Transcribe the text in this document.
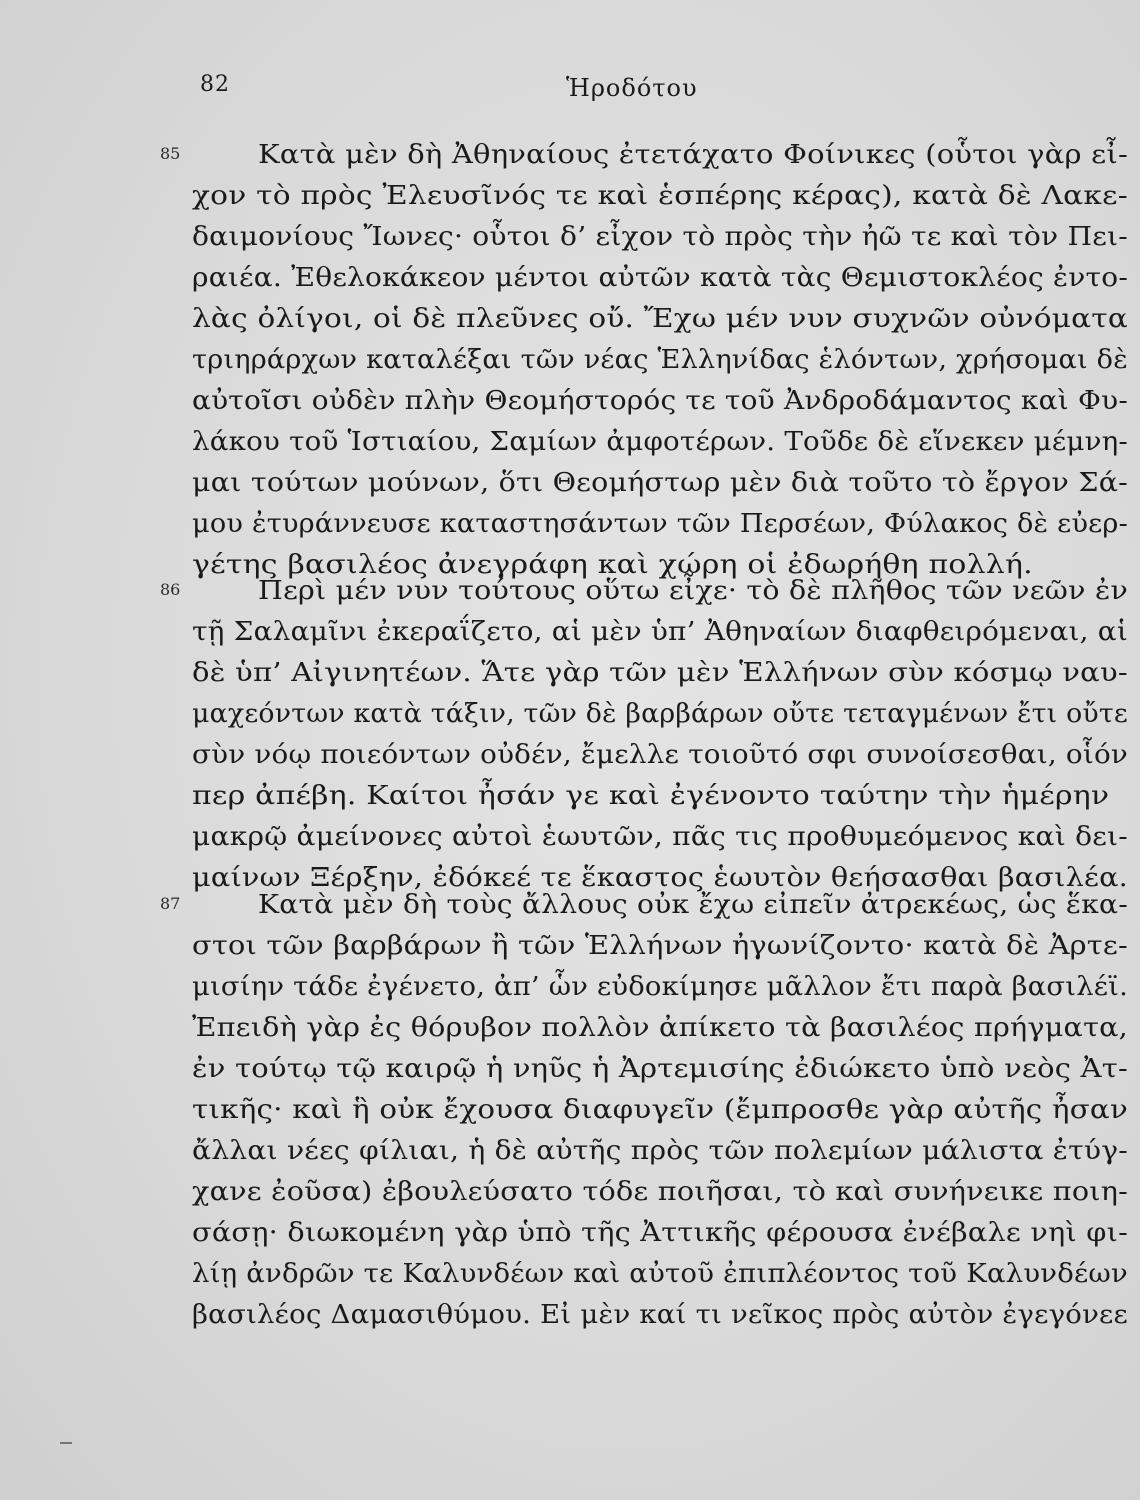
82	Ἡροδότου
85	Κατὰ μὲν δὴ Ἀθηναίους ἐτετάχατο Φοίνικες (οὗτοι γὰρ εἶ-
χον τὸ πρὸς Ἐλευσῖνός τε καὶ ἑσπέρης κέρας), κατὰ δὲ Λακε-
δαιμονίους Ἴωνες· οὗτοι δ’ εἶχον τὸ πρὸς τὴν ἠῶ τε καὶ τὸν Πει-
ραιέα. Ἐθελοκάκεον μέντοι αὐτῶν κατὰ τὰς Θεμιστοκλέος ἐντο-
λὰς ὀλίγοι, οἱ δὲ πλεῦνες οὔ. Ἔχω μέν νυν συχνῶν οὐνόματα
τριηράρχων καταλέξαι τῶν νέας Ἑλληνίδας ἑλόντων, χρήσομαι δὲ
αὐτοῖσι οὐδὲν πλὴν Θεομήστορός τε τοῦ Ἀνδροδάμαντος καὶ Φυ-
λάκου τοῦ Ἱστιαίου, Σαμίων ἀμφοτέρων. Τοῦδε δὲ εἵνεκεν μέμνη-
μαι τούτων μούνων, ὅτι Θεομήστωρ μὲν διὰ τοῦτο τὸ ἔργον Σά-
μου ἐτυράννευσε καταστησάντων τῶν Περσέων, Φύλακος δὲ εὐερ-
γέτης βασιλέος ἀνεγράφη καὶ χώρη οἱ ἐδωρήθη πολλή.
86	Περὶ μέν νυν τούτους οὕτω εἶχε· τὸ δὲ πλῆθος τῶν νεῶν ἐν
τῇ Σαλαμῖνι ἐκεραΐζετο, αἱ μὲν ὑπ’ Ἀθηναίων διαφθειρόμεναι, αἱ
δὲ ὑπ’ Αἰγινητέων. Ἅτε γὰρ τῶν μὲν Ἑλλήνων σὺν κόσμῳ ναυ-
μαχεόντων κατὰ τάξιν, τῶν δὲ βαρβάρων οὔτε τεταγμένων ἔτι οὔτε
σὺν νόῳ ποιεόντων οὐδέν, ἔμελλε τοιοῦτό σφι συνοίσεσθαι, οἷόν
περ ἀπέβη. Καίτοι ἦσάν γε καὶ ἐγένοντο ταύτην τὴν ἡμέρην
μακρῷ ἀμείνονες αὐτοὶ ἑωυτῶν, πᾶς τις προθυμεόμενος καὶ δει-
μαίνων Ξέρξην, ἐδόκεέ τε ἕκαστος ἑωυτὸν θεήσασθαι βασιλέα.
87	Κατὰ μὲν δὴ τοὺς ἄλλους οὐκ ἔχω εἰπεῖν ἀτρεκέως, ὡς ἕκα-
στοι τῶν βαρβάρων ἢ τῶν Ἑλλήνων ἠγωνίζοντο· κατὰ δὲ Ἀρτε-
μισίην τάδε ἐγένετο, ἀπ’ ὧν εὐδοκίμησε μᾶλλον ἔτι παρὰ βασιλέϊ.
Ἐπειδὴ γὰρ ἐς θόρυβον πολλὸν ἀπίκετο τὰ βασιλέος πρήγματα,
ἐν τούτῳ τῷ καιρῷ ἡ νηῦς ἡ Ἀρτεμισίης ἐδιώκετο ὑπὸ νεὸς Ἀτ-
τικῆς· καὶ ἣ οὐκ ἔχουσα διαφυγεῖν (ἔμπροσθε γὰρ αὐτῆς ἦσαν
ἄλλαι νέες φίλιαι, ἡ δὲ αὐτῆς πρὸς τῶν πολεμίων μάλιστα ἐτύγ-
χανε ἐοῦσα) ἐβουλεύσατο τόδε ποιῆσαι, τὸ καὶ συνήνεικε ποιη-
σάσῃ· διωκομένη γὰρ ὑπὸ τῆς Ἀττικῆς φέρουσα ἐνέβαλε νηὶ φι-
λίῃ ἀνδρῶν τε Καλυνδέων καὶ αὐτοῦ ἐπιπλέοντος τοῦ Καλυνδέων
βασιλέος Δαμασιθύμου. Εἰ μὲν καί τι νεῖκος πρὸς αὐτὸν ἐγεγόνεε
